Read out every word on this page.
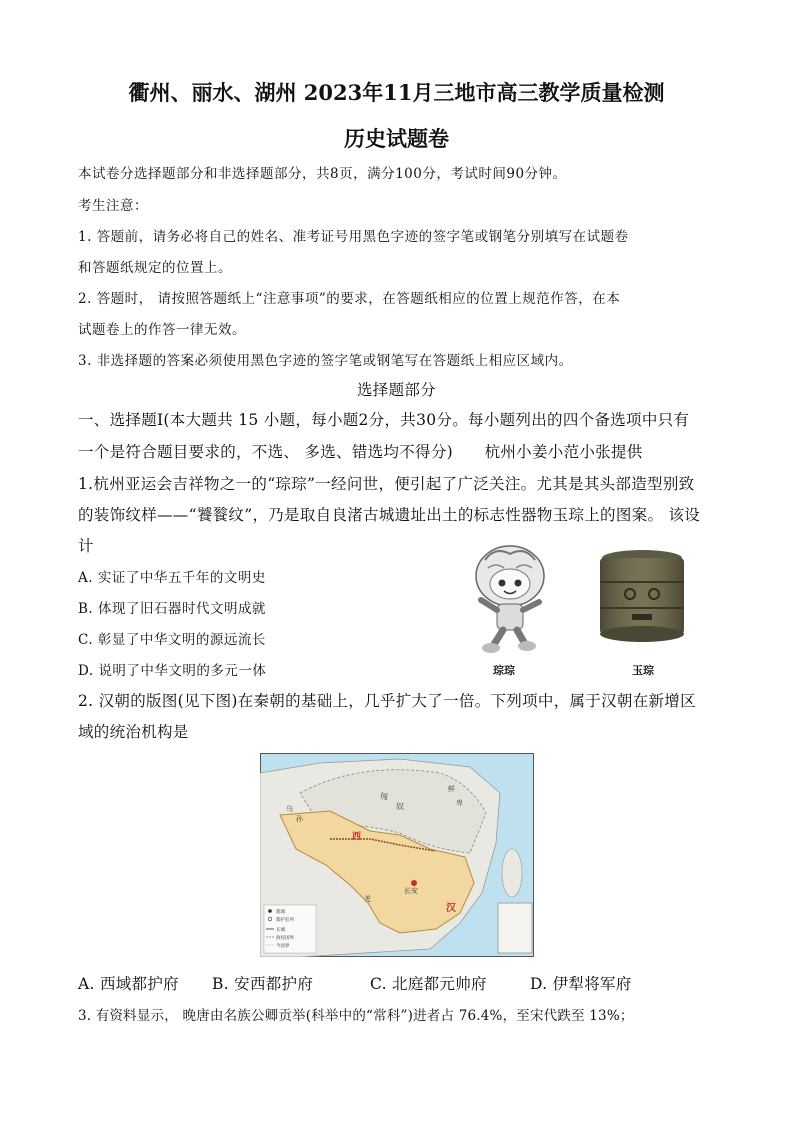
衢州、丽水、湖州 2023年11月三地市高三教学质量检测
历史试题卷
本试卷分选择题部分和非选择题部分，共8页，满分100分，考试时间90分钟。
考生注意：
1. 答题前，请务必将自己的姓名、准考证号用黑色字迹的签字笔或钢笔分别填写在试题卷
和答题纸规定的位置上。
2. 答题时， 请按照答题纸上“注意事项”的要求，在答题纸相应的位置上规范作答，在本
试题卷上的作答一律无效。
3. 非选择题的答案必须使用黑色字迹的签字笔或钢笔写在答题纸上相应区域内。
选择题部分
一、选择题Ⅰ(本大题共 15 小题，每小题2分，共30分。每小题列出的四个备选项中只有
一个是符合题目要求的，不选、 多选、错选均不得分)　　杭州小姜小范小张提供
1.杭州亚运会吉祥物之一的“琮琮”一经问世，便引起了广泛关注。尤其是其头部造型别致
的装饰纹样——“饕餮纹”，乃是取自良渚古城遗址出土的标志性器物玉琮上的图案。 该设
计
A. 实证了中华五千年的文明史
B. 体现了旧石器时代文明成就
C. 彰显了中华文明的源远流长
D. 说明了中华文明的多元一体	琮琮	玉琮
2. 汉朝的版图(见下图)在秦朝的基础上，几乎扩大了一倍。下列项中，属于汉朝在新增区
域的统治机构是
匈
奴
鲜
卑
乌
孙
西
长安
羌
汉
都城
都护驻所
长城
政权国界
今国界
A. 西域都护府 B. 安西都护府	C. 北庭都元帅府	D. 伊犁将军府
3. 有资料显示， 晚唐由名族公卿贡举(科举中的“常科”)进者占 76.4%，至宋代跌至 13%；
